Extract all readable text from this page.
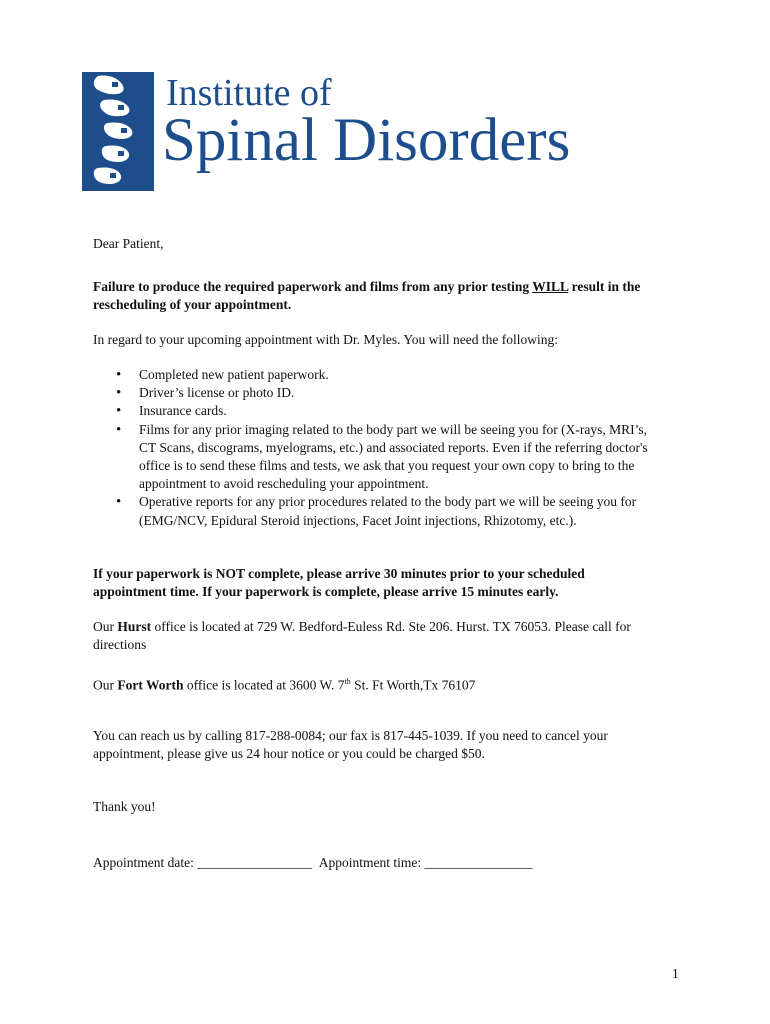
Institute of
Spinal Disorders
Dear Patient,
Failure to produce the required paperwork and films from any prior testing WILL result in the rescheduling of your appointment.
In regard to your upcoming appointment with Dr. Myles. You will need the following:
• Completed new patient paperwork.
• Driver’s license or photo ID.
• Insurance cards.
• Films for any prior imaging related to the body part we will be seeing you for (X-rays, MRI’s, CT Scans, discograms, myelograms, etc.) and associated reports. Even if the referring doctor's office is to send these films and tests, we ask that you request your own copy to bring to the appointment to avoid rescheduling your appointment.
• Operative reports for any prior procedures related to the body part we will be seeing you for (EMG/NCV, Epidural Steroid injections, Facet Joint injections, Rhizotomy, etc.).
If your paperwork is NOT complete, please arrive 30 minutes prior to your scheduled appointment time. If your paperwork is complete, please arrive 15 minutes early.
Our Hurst office is located at 729 W. Bedford-Euless Rd. Ste 206. Hurst. TX 76053. Please call for directions
Our Fort Worth office is located at 3600 W. 7th St. Ft Worth,Tx 76107
You can reach us by calling 817-288-0084; our fax is 817-445-1039. If you need to cancel your appointment, please give us 24 hour notice or you could be charged $50.
Thank you!
Appointment date: _________________ Appointment time: ________________
1
